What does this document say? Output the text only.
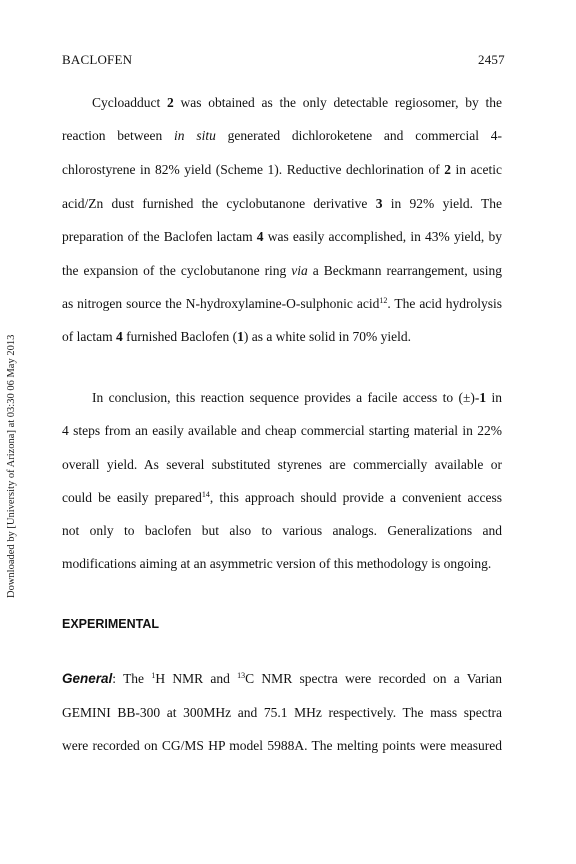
BACLOFEN	2457
Downloaded by [University of Arizona] at 03:30 06 May 2013
Cycloadduct 2 was obtained as the only detectable regiosomer, by the
reaction between in situ generated dichloroketene and commercial 4-
chlorostyrene in 82% yield (Scheme 1). Reductive dechlorination of 2 in acetic
acid/Zn dust furnished the cyclobutanone derivative 3 in 92% yield. The
preparation of the Baclofen lactam 4 was easily accomplished, in 43% yield, by
the expansion of the cyclobutanone ring via a Beckmann rearrangement, using
as nitrogen source the N-hydroxylamine-O-sulphonic acid$^{12}$. The acid hydrolysis
of lactam 4 furnished Baclofen (1) as a white solid in 70% yield.
In conclusion, this reaction sequence provides a facile access to (±)-1 in
4 steps from an easily available and cheap commercial starting material in 22%
overall yield. As several substituted styrenes are commercially available or
could be easily prepared$^{14}$, this approach should provide a convenient access
not only to baclofen but also to various analogs. Generalizations and
modifications aiming at an asymmetric version of this methodology is ongoing.
EXPERIMENTAL
General: The $^1$H NMR and $^{13}$C NMR spectra were recorded on a Varian
GEMINI BB-300 at 300MHz and 75.1 MHz respectively. The mass spectra
were recorded on CG/MS HP model 5988A. The melting points were measured
